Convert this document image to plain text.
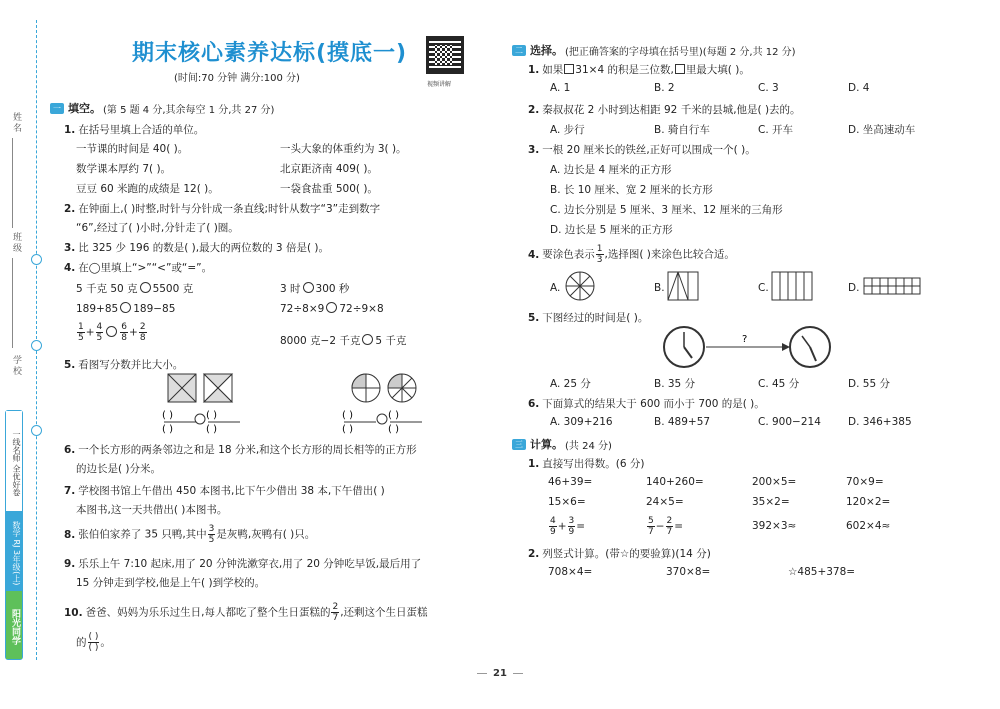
姓名
班级
学校
一线名师 全优好卷
数学 RJ 3年级(上)
阳光同学
期末核心素养达标(摸底一)
(时间:70 分钟 满分:100 分)
视频讲解
一 填空。 (第 5 题 4 分,其余每空 1 分,共 27 分)
1. 在括号里填上合适的单位。
一节课的时间是 40( )。	一头大象的体重约为 3( )。
数学课本厚约 7( )。	北京距济南 409( )。
豆豆 60 米跑的成绩是 12( )。	一袋食盐重 500( )。
2. 在钟面上,( )时整,时针与分针成一条直线;时针从数字“3”走到数字
“6”,经过了( )小时,分针走了( )圈。
3. 比 325 少 196 的数是( ),最大的两位数的 3 倍是( )。
4. 在◯里填上“>”“<”或“=”。
5 千克 50 克 5500 克	3 时 300 秒
189+85 189−85	72÷8×9 72÷9×8
$\frac{1}{5} + \frac{4}{5} \frac{6}{8} + \frac{2}{8}$	8000 克−2 千克 5 千克
5. 看图写分数并比大小。
( )
( )
( )
( )
( )
( )
( )
( )
6. 一个长方形的两条邻边之和是 18 分米,和这个长方形的周长相等的正方形
的边长是( )分米。
7. 学校图书馆上午借出 450 本图书,比下午少借出 38 本,下午借出( )
本图书,这一天共借出( )本图书。
8. 张伯伯家养了 35 只鸭,其中 $\frac{3}{5}$ 是灰鸭,灰鸭有( )只。
9. 乐乐上午 7:10 起床,用了 20 分钟洗漱穿衣,用了 20 分钟吃早饭,最后用了
15 分钟走到学校,他是上午( )到学校的。
10. 爸爸、妈妈为乐乐过生日,每人都吃了整个生日蛋糕的 $\frac{2}{7}$ ,还剩这个生日蛋糕
的 $\frac{( )}{( )}$ 。
二 选择。 (把正确答案的字母填在括号里)(每题 2 分,共 12 分)
1. 如果 31×4 的积是三位数, 里最大填( )。
A. 1	B. 2	C. 3	D. 4
2. 秦叔叔花 2 小时到达相距 92 千米的县城,他是( )去的。
A. 步行	B. 骑自行车	C. 开车	D. 坐高速动车
3. 一根 20 厘米长的铁丝,正好可以围成一个( )。
A. 边长是 4 厘米的正方形
B. 长 10 厘米、宽 2 厘米的长方形
C. 边长分别是 5 厘米、3 厘米、12 厘米的三角形
D. 边长是 5 厘米的正方形
4. 要涂色表示 $\frac{1}{3}$ ,选择图( )来涂色比较合适。
A.	B.	C.	D.
5. 下图经过的时间是( )。
?
A. 25 分	B. 35 分	C. 45 分	D. 55 分
6. 下面算式的结果大于 600 而小于 700 的是( )。
A. 309+216	B. 489+57	C. 900−214	D. 346+385
三 计算。 (共 24 分)
1. 直接写出得数。(6 分)
46+39=	140+260=	200×5=	70×9=
15×6=	24×5=	35×2=	120×2=
$\frac{4}{9} + \frac{3}{9}$ =	$\frac{5}{7} - \frac{2}{7}$ =	392×3≈	602×4≈
2. 列竖式计算。(带☆的要验算)(14 分)
708×4=	370×8=	☆485+378=
21
